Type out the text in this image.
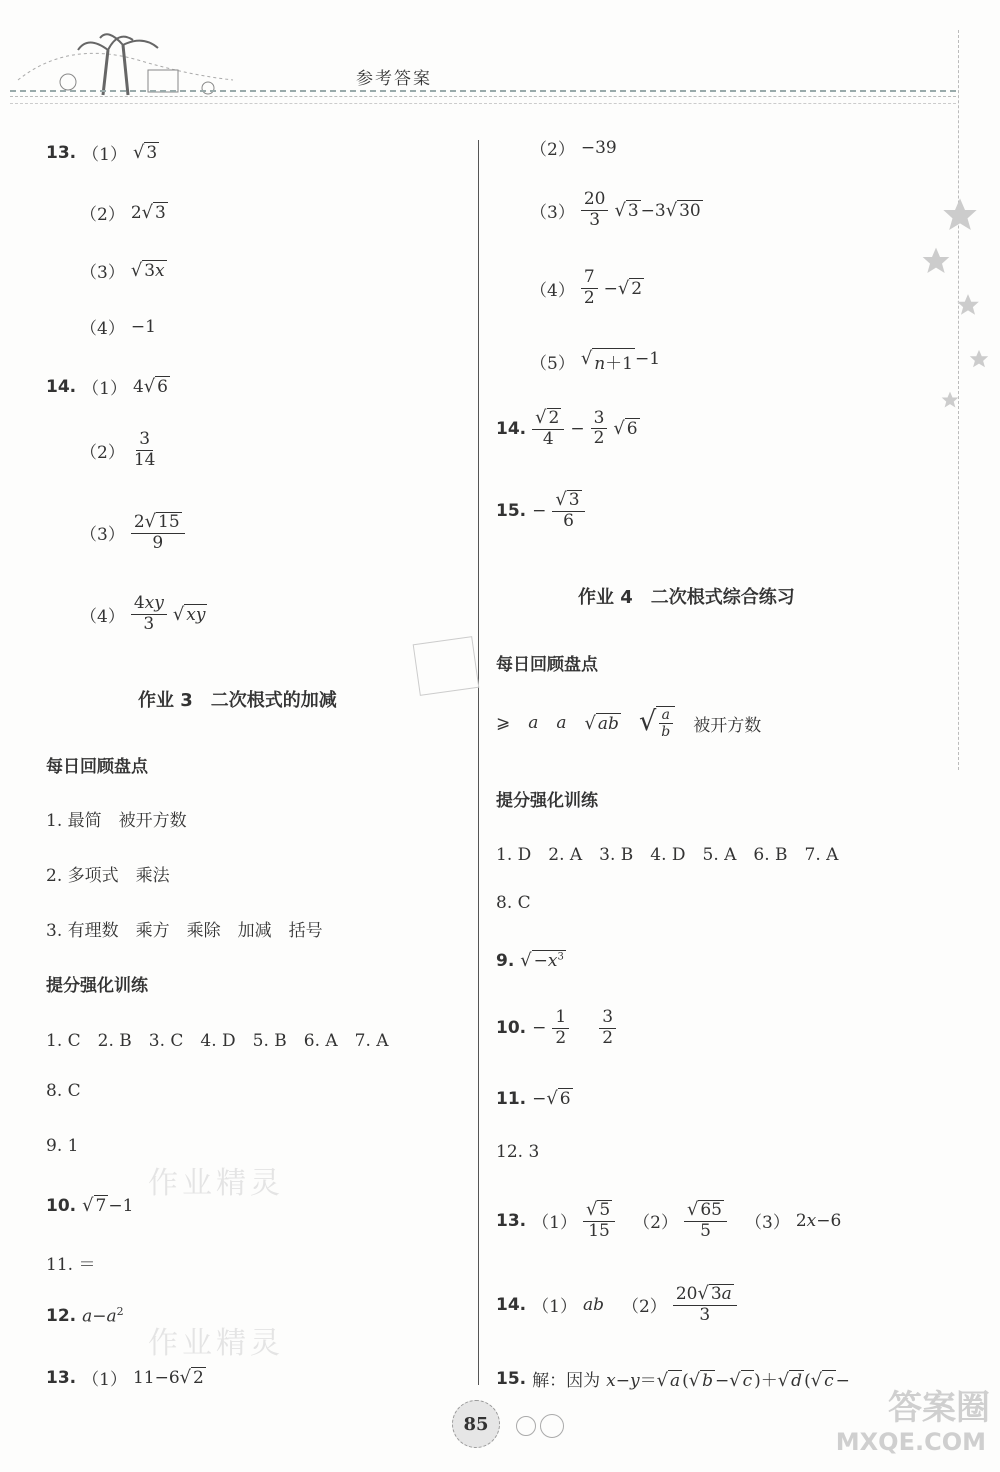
参考答案
13. （1） √ 3
（2） 2 √ 3
（3） √ 3x
（4） −1
14. （1） 4 √ 6
$(2) \frac{3}{14}$
$(3) \frac{2 √ 15}{9}$
$(4) \frac{4xy}{3}$ √ xy
作业 3　二次根式的加减
每日回顾盘点
1. 最简　被开方数
2. 多项式　乘法
3. 有理数　乘方　乘除　加减　括号
提分强化训练
1. C　2. B　3. C　4. D　5. B　6. A　7. A
8. C
9. 1
10. √ 7 −1
11. ＝
12. $a-a^2$
13. （1） 11−6 √ 2
作业精灵
作业精灵
（2） −39
$(3) \frac{20}{3}$ √ 3 −3 √ 30
$(4) \frac{7}{2}$ − √ 2
（5） √ n＋1 −1
14. $\frac{√ 2}{4} - \frac{3}{2}$ √ 6
15. − $\frac{√ 3}{6}$
作业 4　二次根式综合练习
每日回顾盘点
⩾ a a √ ab √ $\frac{a}{b}$ 被开方数
提分强化训练
1. D　2. A　3. B　4. D　5. A　6. B　7. A
8. C
9. √ $-x^3$
10. − $\frac{1}{2} \frac{3}{2}$
11. − √ 6
12. 3
13. $(1) \frac{√ 5}{15} (2) \frac{√ 65}{5} (3)$ 2x−6
14. （1） ab $(2) \frac{20 √ 3a}{3}$
15. 解：因为 x−y＝ √ a ( √ b − √ c )＋ √ d ( √ c −
85	答案圈
MXQE.COM
